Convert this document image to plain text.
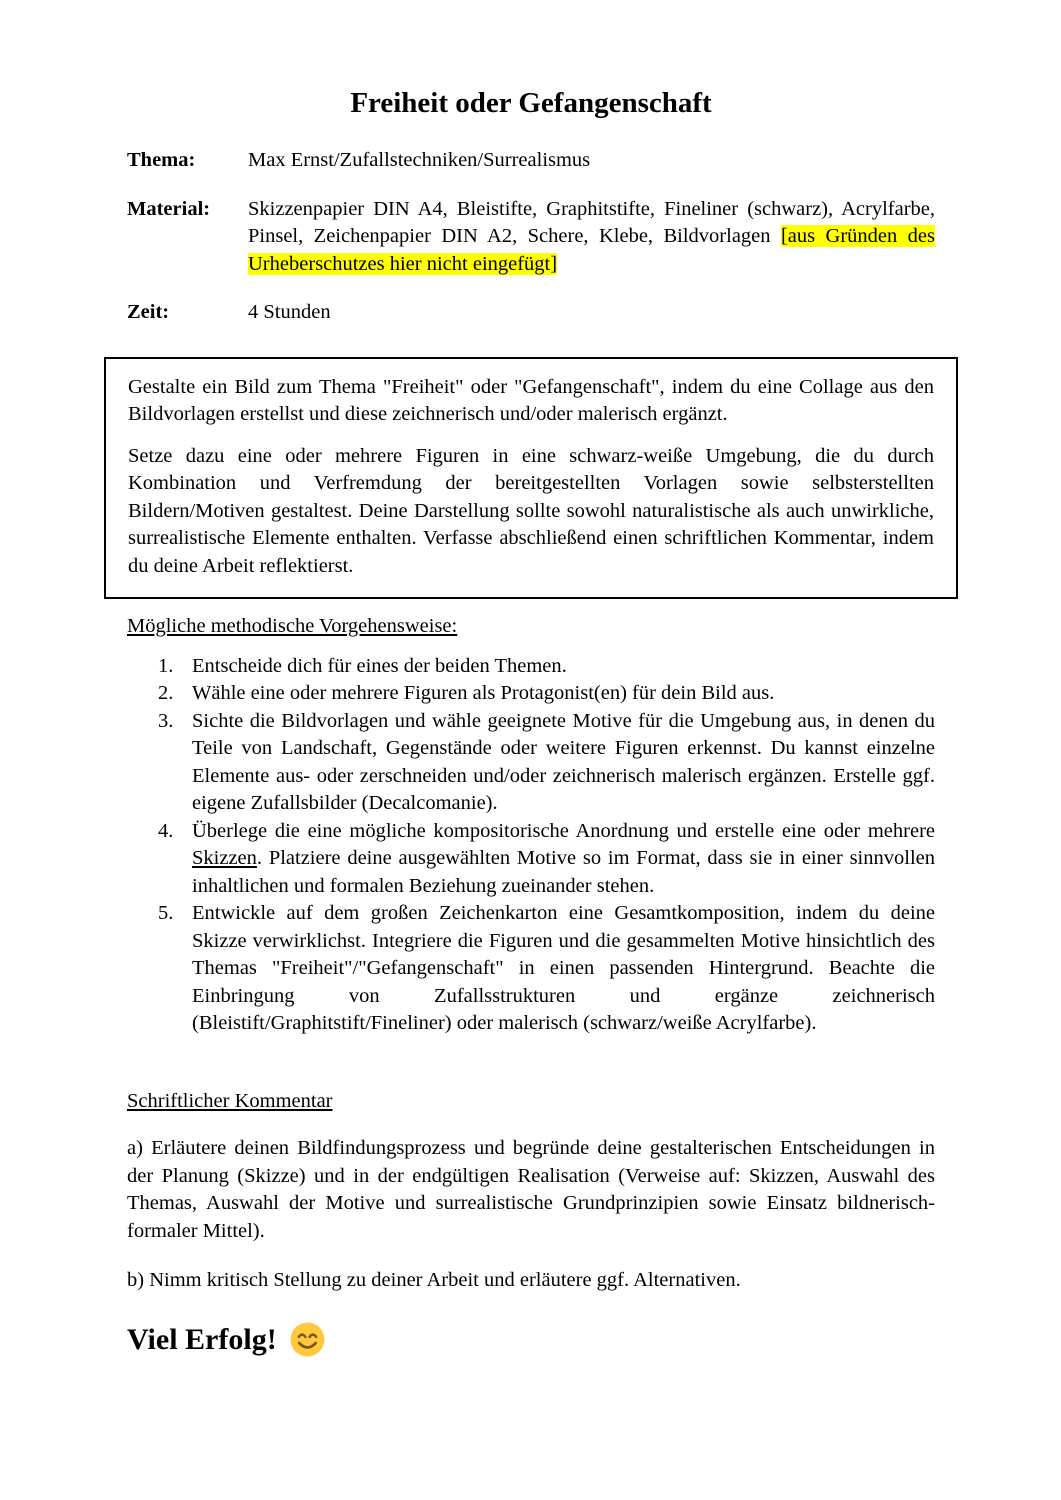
Freiheit oder Gefangenschaft
Thema:	Max Ernst/Zufallstechniken/Surrealismus
Material:	Skizzenpapier DIN A4, Bleistifte, Graphitstifte, Fineliner (schwarz), Acrylfarbe, Pinsel, Zeichenpapier DIN A2, Schere, Klebe, Bildvorlagen [aus Gründen des Urheberschutzes hier nicht eingefügt]
Zeit:	4 Stunden

Gestalte ein Bild zum Thema "Freiheit" oder "Gefangenschaft", indem du eine Collage aus den Bildvorlagen erstellst und diese zeichnerisch und/oder malerisch ergänzt.

Setze dazu eine oder mehrere Figuren in eine schwarz-weiße Umgebung, die du durch Kombination und Verfremdung der bereitgestellten Vorlagen sowie selbsterstellten Bildern/Motiven gestaltest. Deine Darstellung sollte sowohl naturalistische als auch unwirkliche, surrealistische Elemente enthalten. Verfasse abschließend einen schriftlichen Kommentar, indem du deine Arbeit reflektierst.

Mögliche methodische Vorgehensweise:
1. Entscheide dich für eines der beiden Themen.
2. Wähle eine oder mehrere Figuren als Protagonist(en) für dein Bild aus.
3. Sichte die Bildvorlagen und wähle geeignete Motive für die Umgebung aus, in denen du Teile von Landschaft, Gegenstände oder weitere Figuren erkennst. Du kannst einzelne Elemente aus- oder zerschneiden und/oder zeichnerisch malerisch ergänzen. Erstelle ggf. eigene Zufallsbilder (Decalcomanie).
4. Überlege die eine mögliche kompositorische Anordnung und erstelle eine oder mehrere Skizzen. Platziere deine ausgewählten Motive so im Format, dass sie in einer sinnvollen inhaltlichen und formalen Beziehung zueinander stehen.
5. Entwickle auf dem großen Zeichenkarton eine Gesamtkomposition, indem du deine Skizze verwirklichst. Integriere die Figuren und die gesammelten Motive hinsichtlich des Themas "Freiheit"/"Gefangenschaft" in einen passenden Hintergrund. Beachte die Einbringung von Zufallsstrukturen und ergänze zeichnerisch (Bleistift/Graphitstift/Fineliner) oder malerisch (schwarz/weiße Acrylfarbe).
Schriftlicher Kommentar

a) Erläutere deinen Bildfindungsprozess und begründe deine gestalterischen Entscheidungen in der Planung (Skizze) und in der endgültigen Realisation (Verweise auf: Skizzen, Auswahl des Themas, Auswahl der Motive und surrealistische Grundprinzipien sowie Einsatz bildnerisch-formaler Mittel).

b) Nimm kritisch Stellung zu deiner Arbeit und erläutere ggf. Alternativen.

Viel Erfolg!
